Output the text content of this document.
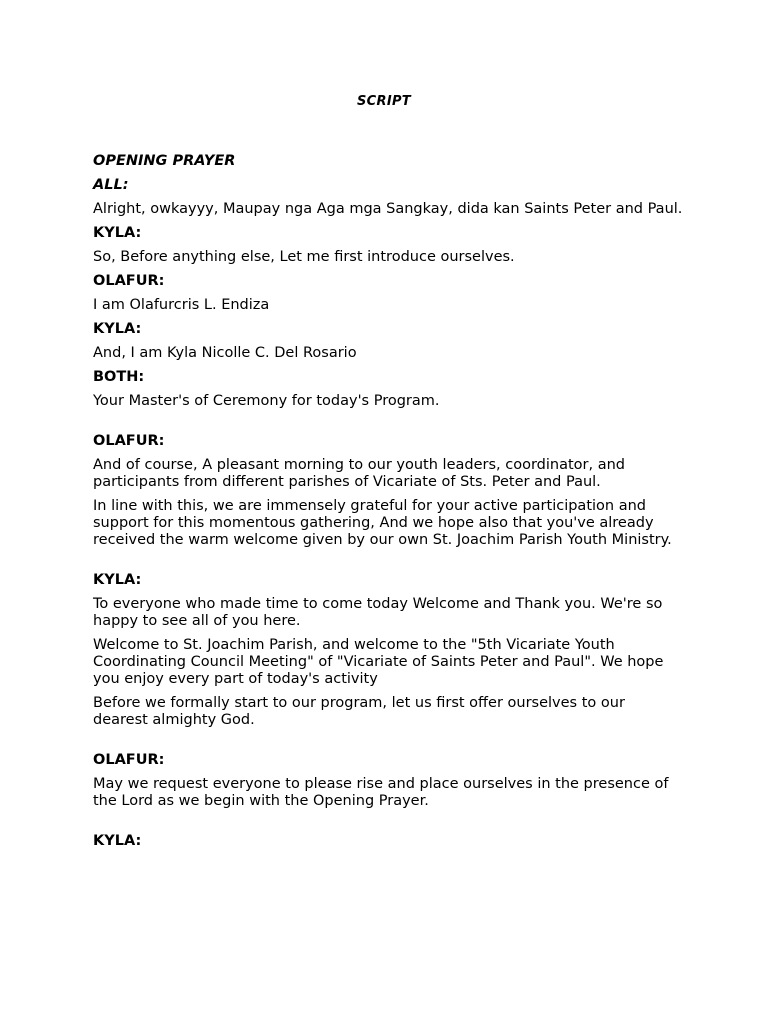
SCRIPT
OPENING PRAYER
ALL:
Alright, owkayyy, Maupay nga Aga mga Sangkay, dida kan Saints Peter and Paul.
KYLA:
So, Before anything else, Let me first introduce ourselves.
OLAFUR:
I am Olafurcris L. Endiza
KYLA:
And, I am Kyla Nicolle C. Del Rosario
BOTH:
Your Master's of Ceremony for today's Program.
OLAFUR:
And of course, A pleasant morning to our youth leaders, coordinator, and participants from different parishes of Vicariate of Sts. Peter and Paul.
In line with this, we are immensely grateful for your active participation and support for this momentous gathering, And we hope also that you've already received the warm welcome given by our own St. Joachim Parish Youth Ministry.
KYLA:
To everyone who made time to come today Welcome and Thank you. We're so happy to see all of you here.
Welcome to St. Joachim Parish, and welcome to the "5th Vicariate Youth Coordinating Council Meeting" of "Vicariate of Saints Peter and Paul". We hope you enjoy every part of today's activity
Before we formally start to our program, let us first offer ourselves to our dearest almighty God.
OLAFUR:
May we request everyone to please rise and place ourselves in the presence of the Lord as we begin with the Opening Prayer.
KYLA:
